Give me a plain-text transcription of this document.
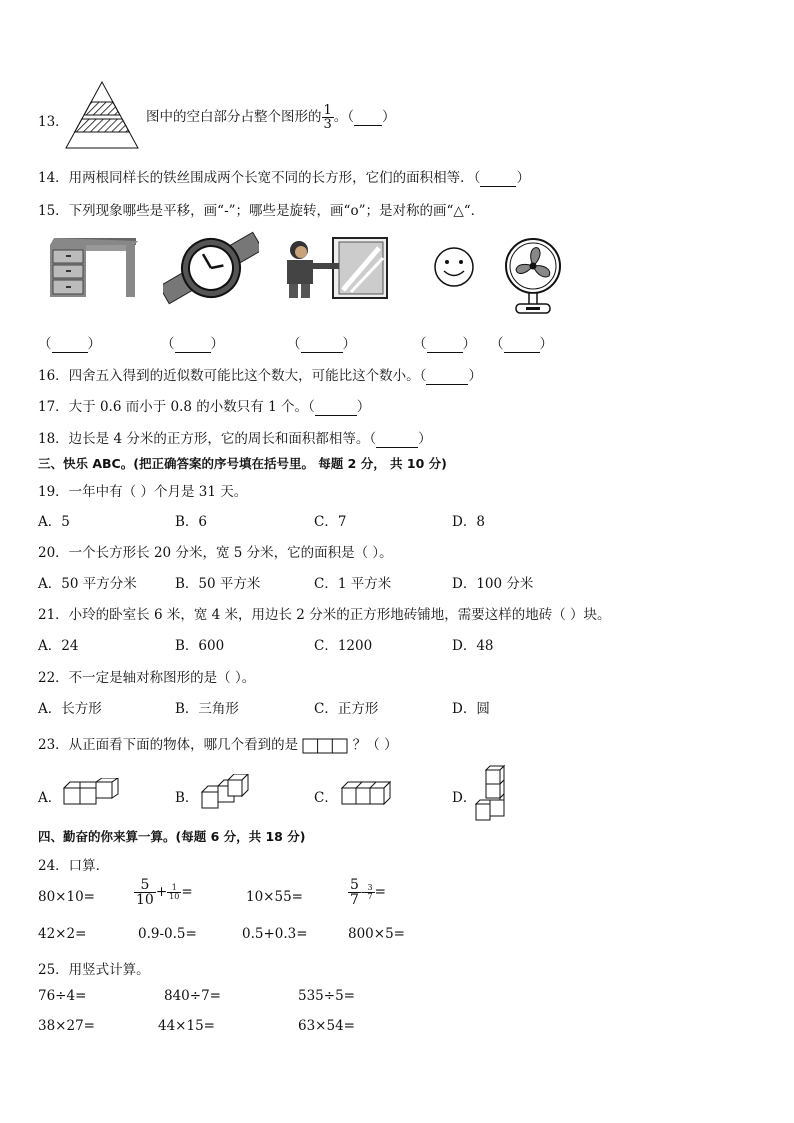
13．	图中的空白部分占整个图形的 $\frac{1}{3}$ 。（ ）
14．用两根同样长的铁丝围成两个长宽不同的长方形，它们的面积相等．（	）
15．下列现象哪些是平移，画“-”；哪些是旋转，画“o”；是对称的画“△“．
（	）	（	）	（	）	（	） （	）
16．四舍五入得到的近似数可能比这个数大，可能比这个数小。（	）
17．大于 0.6 而小于 0.8 的小数只有 1 个。（	）
18．边长是 4 分米的正方形，它的周长和面积都相等。（	）
三、快乐 ABC。(把正确答案的序号填在括号里。 每题 2 分， 共 10 分)
19．一年中有（ ）个月是 31 天。
A．5	B．6	C．7	D．8
20．一个长方形长 20 分米，宽 5 分米，它的面积是（ ）。
A．50 平方分米	B．50 平方米	C．1 平方米	D．100 分米
21．小玲的卧室长 6 米，宽 4 米，用边长 2 分米的正方形地砖铺地，需要这样的地砖（ ）块。
A．24	B．600	C．1200	D．48
22．不一定是轴对称图形的是（ ）。
A．长方形	B．三角形	C．正方形	D．圆
23．从正面看下面的物体，哪几个看到的是	？（ ）
A．	B．	C．	D．
四、勤奋的你来算一算。(每题 6 分，共 18 分)
24．口算．
80×10=	$\frac{5}{10} + \frac{1}{10}$ =	10×55=	$\frac{5}{7} - \frac{3}{7}$ =
42×2=	0.9-0.5=	0.5+0.3=	800×5=
25．用竖式计算。
76÷4=	840÷7=	535÷5=
38×27=	44×15=	63×54=
